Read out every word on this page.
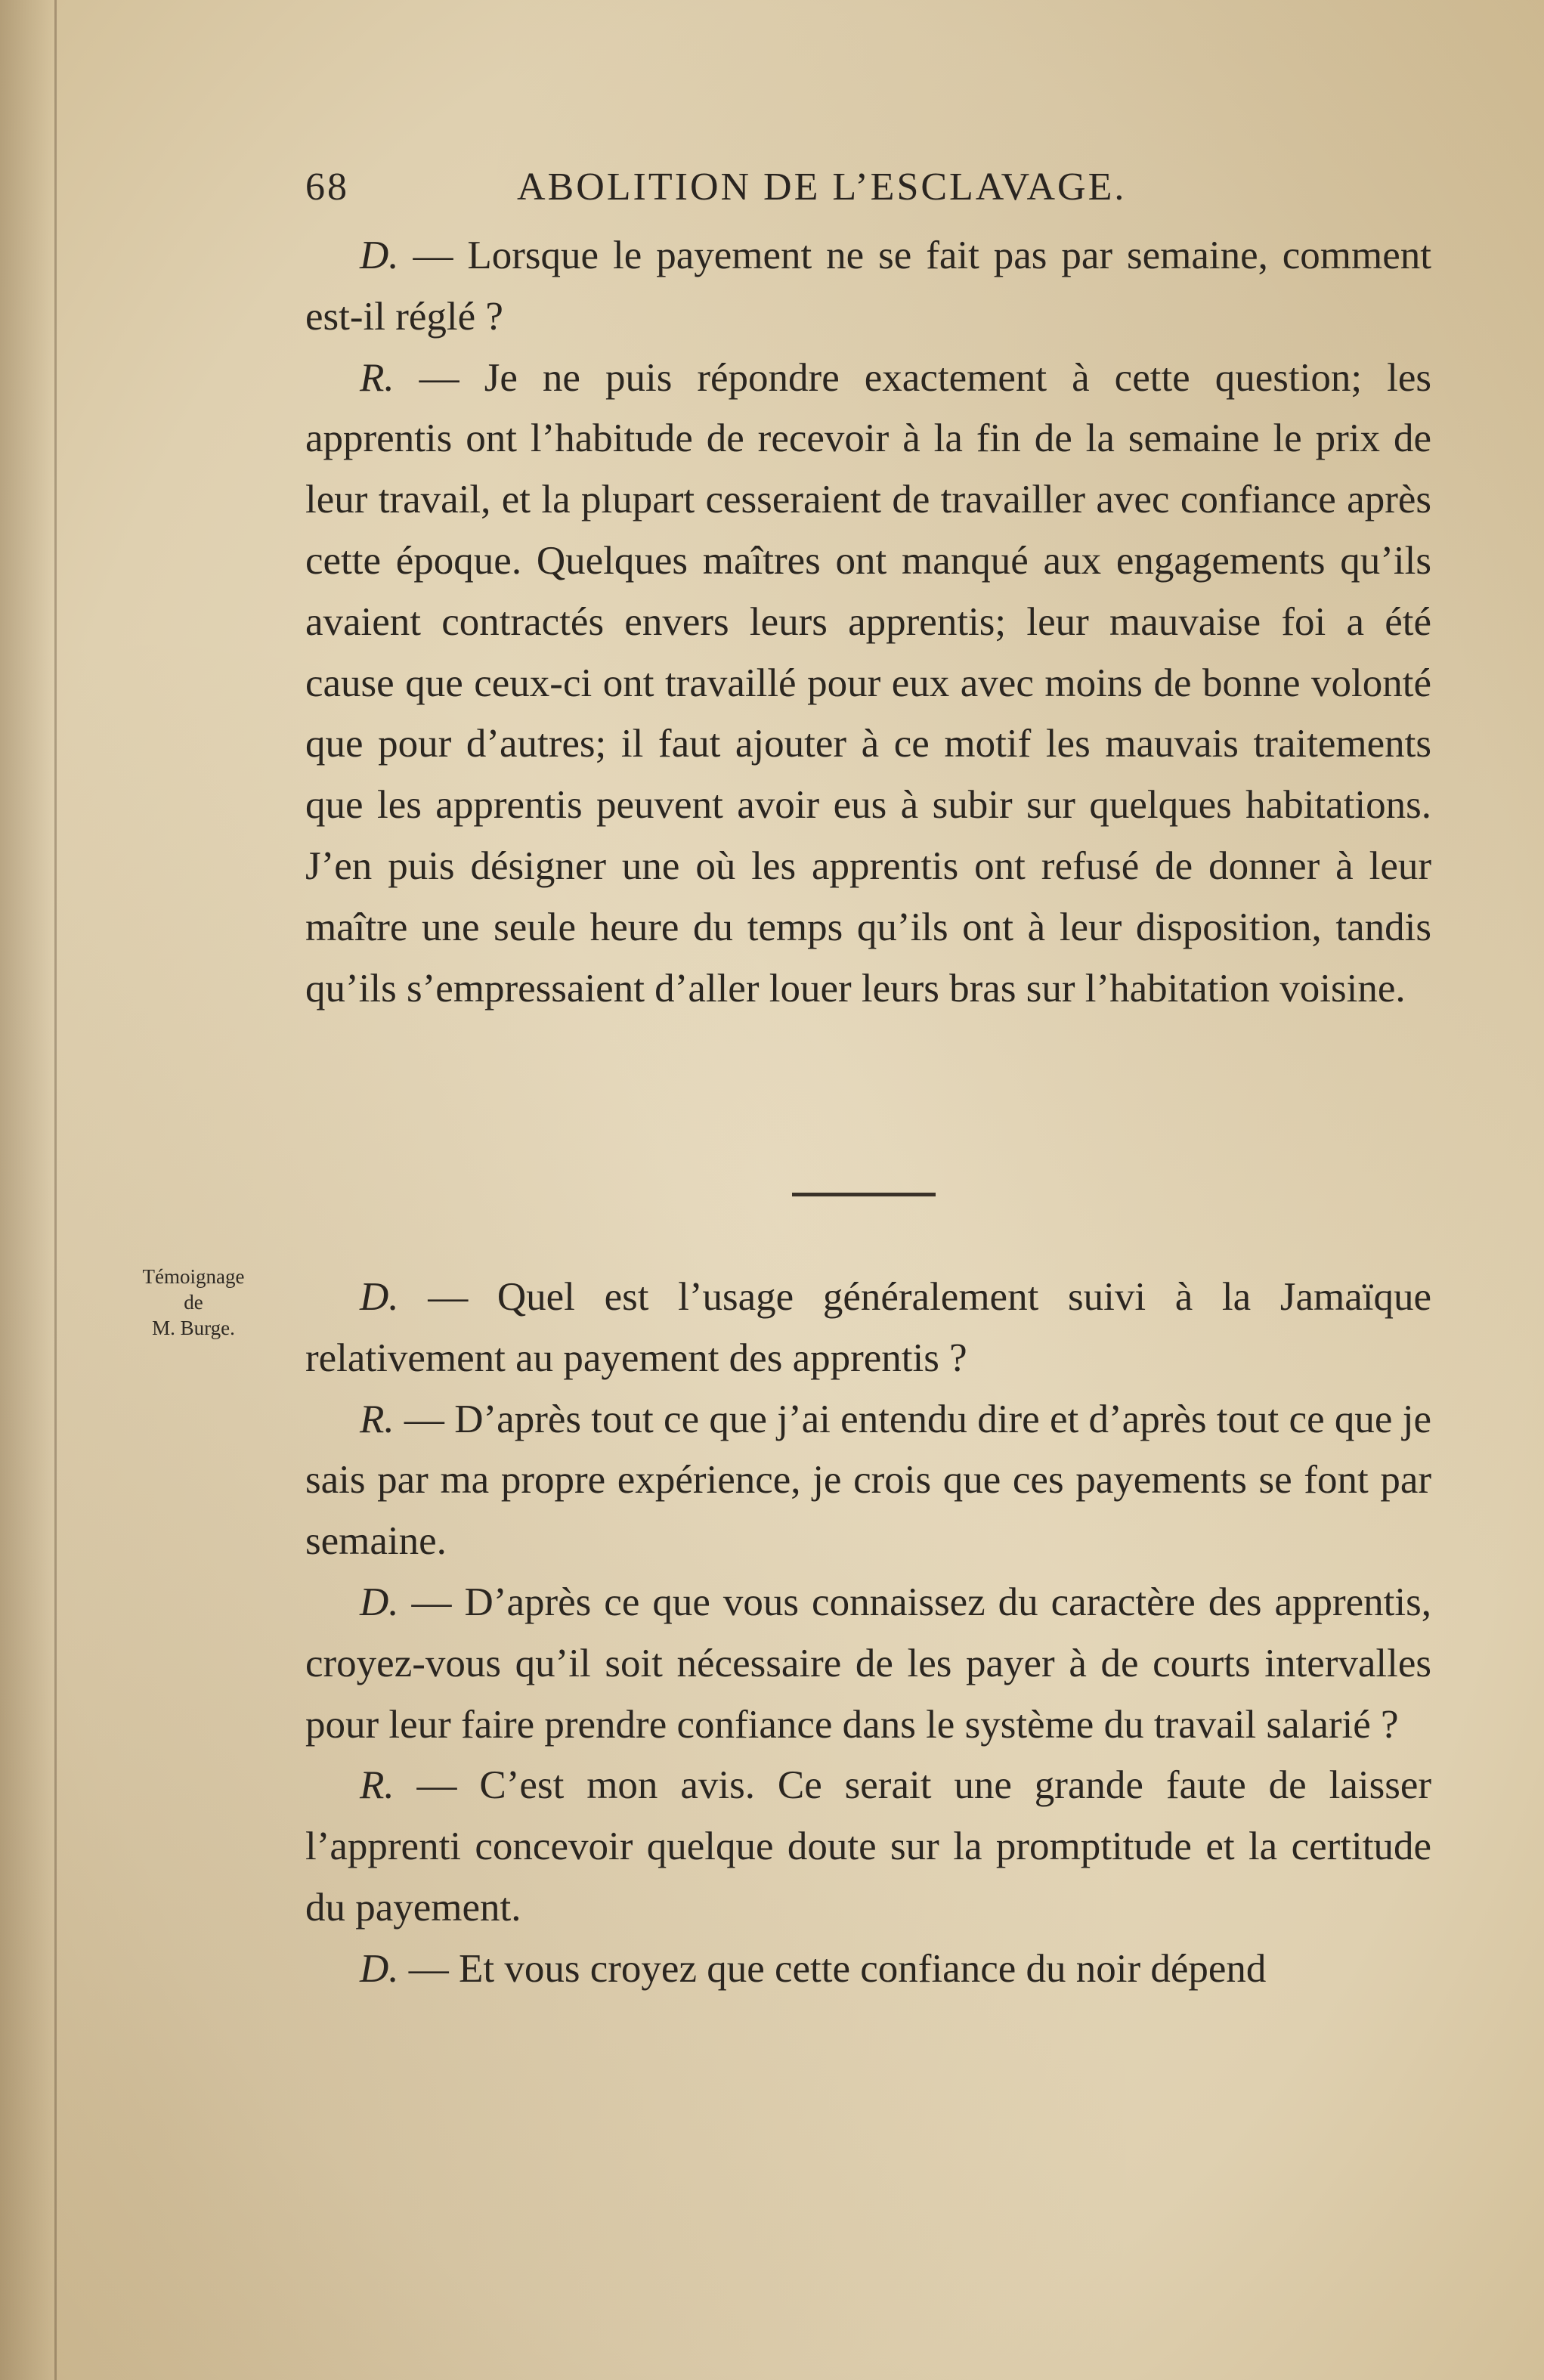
68	ABOLITION DE L’ESCLAVAGE.

D. — Lorsque le payement ne se fait pas par semaine, comment est-il réglé ?

R. — Je ne puis répondre exactement à cette question; les apprentis ont l’habitude de recevoir à la fin de la semaine le prix de leur travail, et la plupart cesseraient de travailler avec confiance après cette époque. Quelques maîtres ont manqué aux engagements qu’ils avaient contractés envers leurs apprentis; leur mauvaise foi a été cause que ceux-ci ont travaillé pour eux avec moins de bonne volonté que pour d’autres; il faut ajouter à ce motif les mauvais traitements que les apprentis peuvent avoir eus à subir sur quelques habitations. J’en puis désigner une où les apprentis ont refusé de donner à leur maître une seule heure du temps qu’ils ont à leur disposition, tandis qu’ils s’empressaient d’aller louer leurs bras sur l’habitation voisine.

Témoignage
de
M. Burge.

D. — Quel est l’usage généralement suivi à la Jamaïque relativement au payement des apprentis ?

R. — D’après tout ce que j’ai entendu dire et d’après tout ce que je sais par ma propre expérience, je crois que ces payements se font par semaine.

D. — D’après ce que vous connaissez du caractère des apprentis, croyez-vous qu’il soit nécessaire de les payer à de courts intervalles pour leur faire prendre confiance dans le système du travail salarié ?

R. — C’est mon avis. Ce serait une grande faute de laisser l’apprenti concevoir quelque doute sur la promptitude et la certitude du payement.

D. — Et vous croyez que cette confiance du noir dépend
